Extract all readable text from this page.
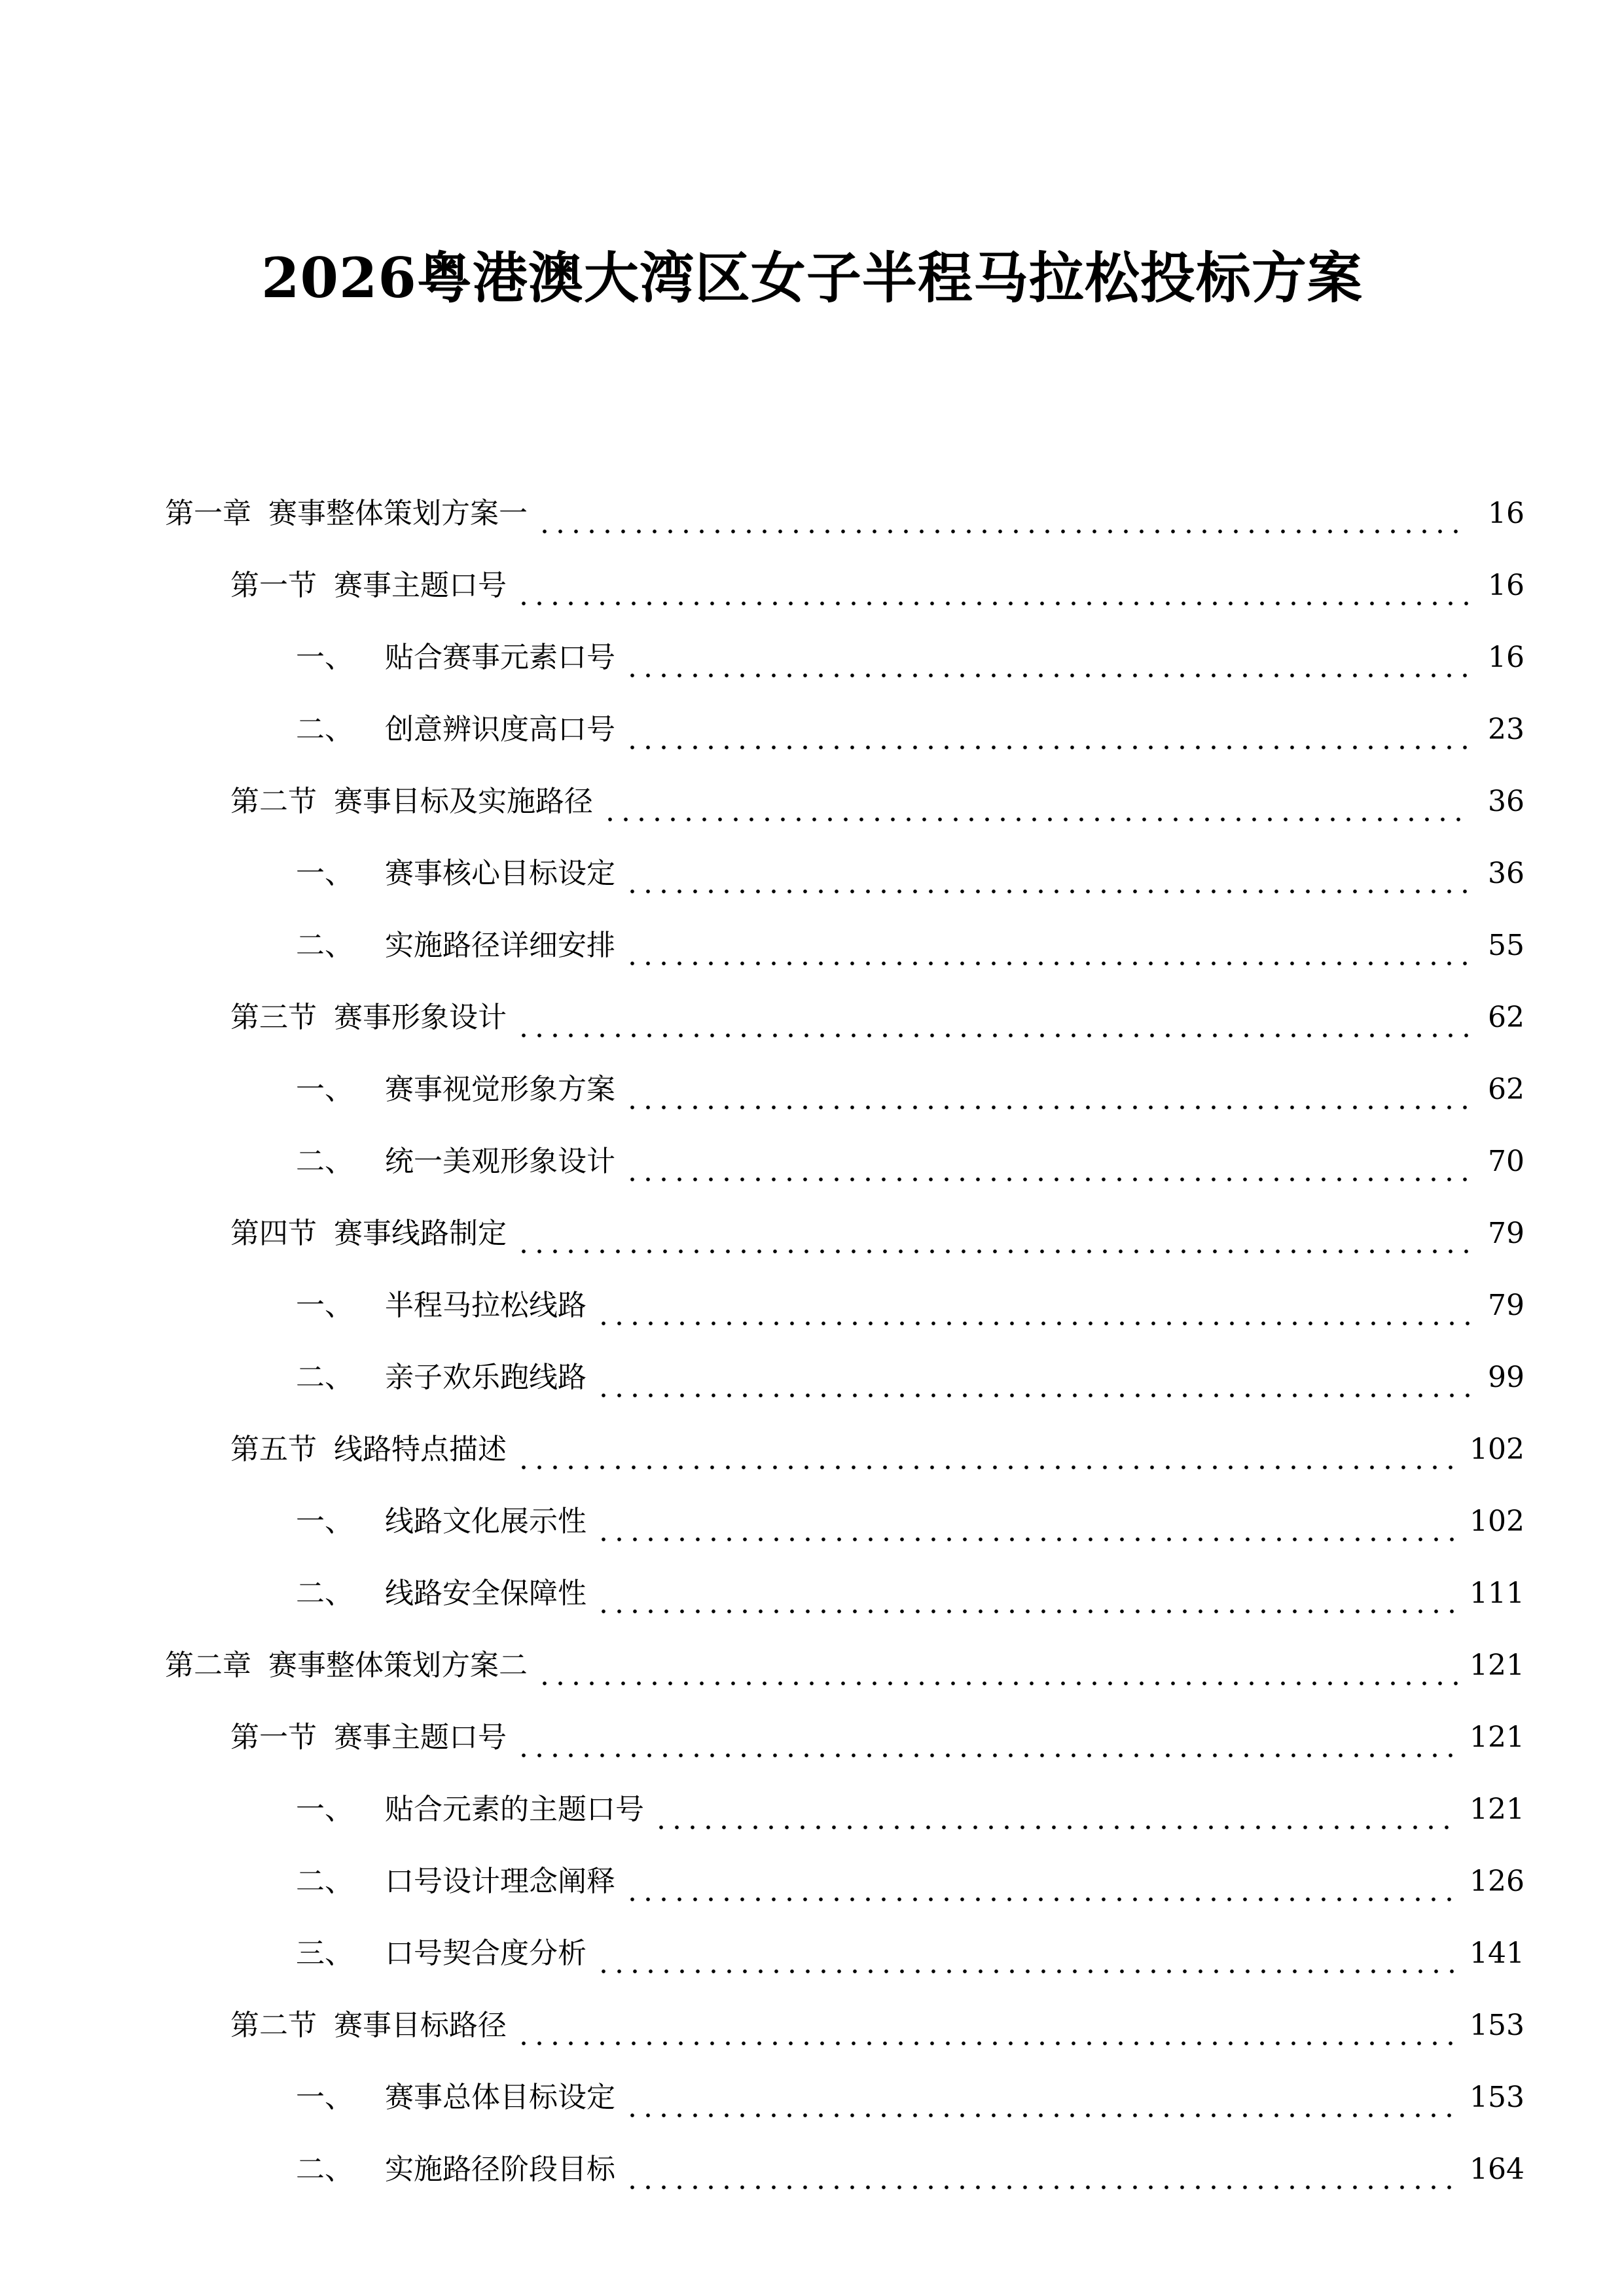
2026粤港澳大湾区女子半程马拉松投标方案
第一章 赛事整体策划方案一	16
第一节 赛事主题口号	16
一、 贴合赛事元素口号	16
二、 创意辨识度高口号	23
第二节 赛事目标及实施路径	36
一、 赛事核心目标设定	36
二、 实施路径详细安排	55
第三节 赛事形象设计	62
一、 赛事视觉形象方案	62
二、 统一美观形象设计	70
第四节 赛事线路制定	79
一、 半程马拉松线路	79
二、 亲子欢乐跑线路	99
第五节 线路特点描述	102
一、 线路文化展示性	102
二、 线路安全保障性	111
第二章 赛事整体策划方案二	121
第一节 赛事主题口号	121
一、 贴合元素的主题口号	121
二、 口号设计理念阐释	126
三、 口号契合度分析	141
第二节 赛事目标路径	153
一、 赛事总体目标设定	153
二、 实施路径阶段目标	164
